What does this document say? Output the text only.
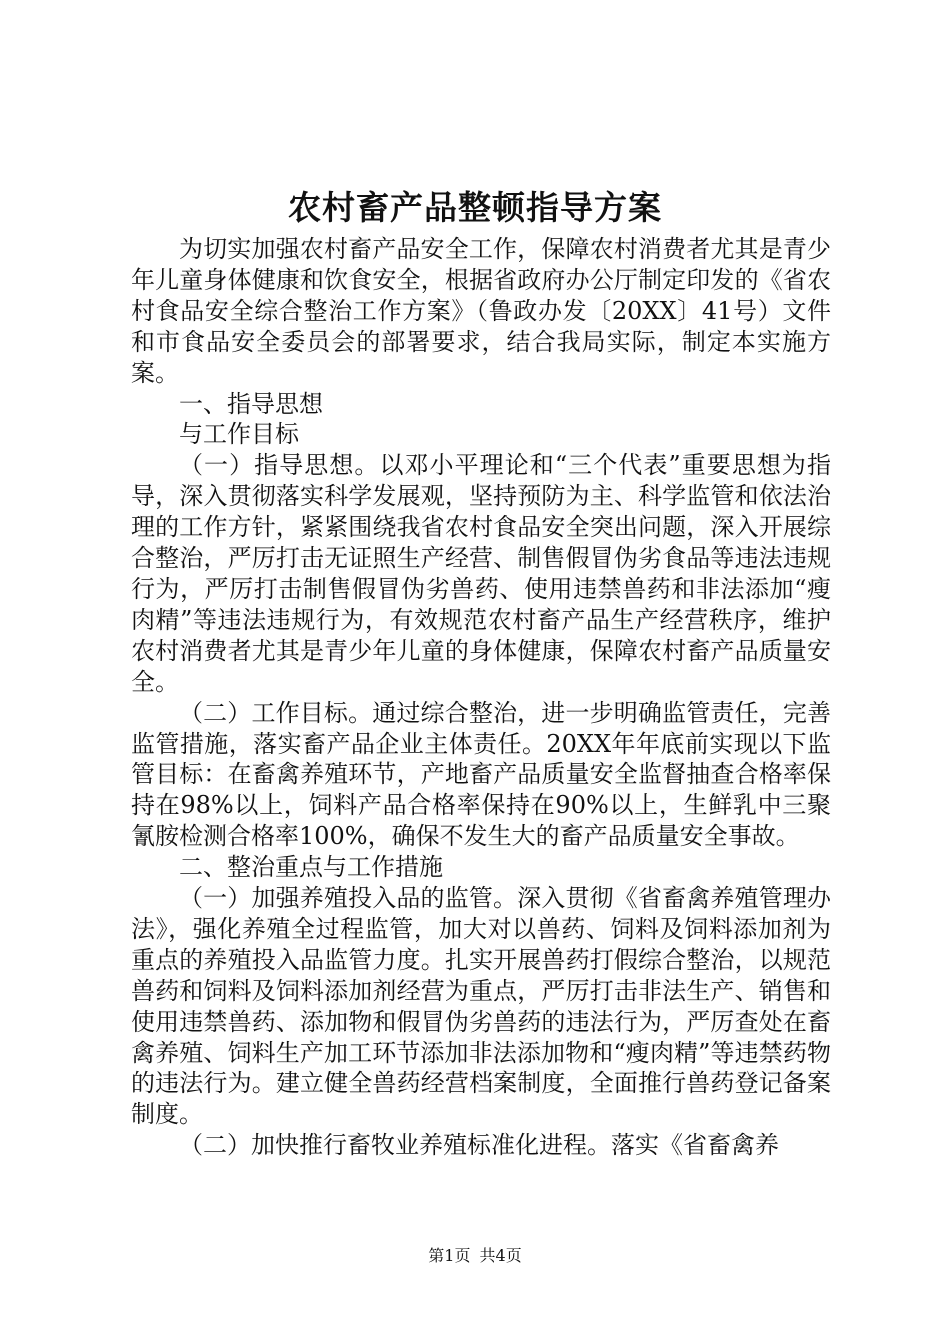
农村畜产品整顿指导方案

为切实加强农村畜产品安全工作，保障农村消费者尤其是青少年儿童身体健康和饮食安全，根据省政府办公厅制定印发的《省农村食品安全综合整治工作方案》（鲁政办发〔20XX〕41号）文件和市食品安全委员会的部署要求，结合我局实际，制定本实施方案。

一、指导思想

与工作目标

（一）指导思想。以邓小平理论和“三个代表”重要思想为指导，深入贯彻落实科学发展观，坚持预防为主、科学监管和依法治理的工作方针，紧紧围绕我省农村食品安全突出问题，深入开展综合整治，严厉打击无证照生产经营、制售假冒伪劣食品等违法违规行为，严厉打击制售假冒伪劣兽药、使用违禁兽药和非法添加“瘦肉精”等违法违规行为，有效规范农村畜产品生产经营秩序，维护农村消费者尤其是青少年儿童的身体健康，保障农村畜产品质量安全。

（二）工作目标。通过综合整治，进一步明确监管责任，完善监管措施，落实畜产品企业主体责任。20XX年年底前实现以下监管目标：在畜禽养殖环节，产地畜产品质量安全监督抽查合格率保持在98%以上，饲料产品合格率保持在90%以上，生鲜乳中三聚氰胺检测合格率100%，确保不发生大的畜产品质量安全事故。

二、整治重点与工作措施

（一）加强养殖投入品的监管。深入贯彻《省畜禽养殖管理办法》，强化养殖全过程监管，加大对以兽药、饲料及饲料添加剂为重点的养殖投入品监管力度。扎实开展兽药打假综合整治，以规范兽药和饲料及饲料添加剂经营为重点，严厉打击非法生产、销售和使用违禁兽药、添加物和假冒伪劣兽药的违法行为，严厉查处在畜禽养殖、饲料生产加工环节添加非法添加物和“瘦肉精”等违禁药物的违法行为。建立健全兽药经营档案制度，全面推行兽药登记备案制度。

（二）加快推行畜牧业养殖标准化进程。落实《省畜禽养

第1页 共4页
